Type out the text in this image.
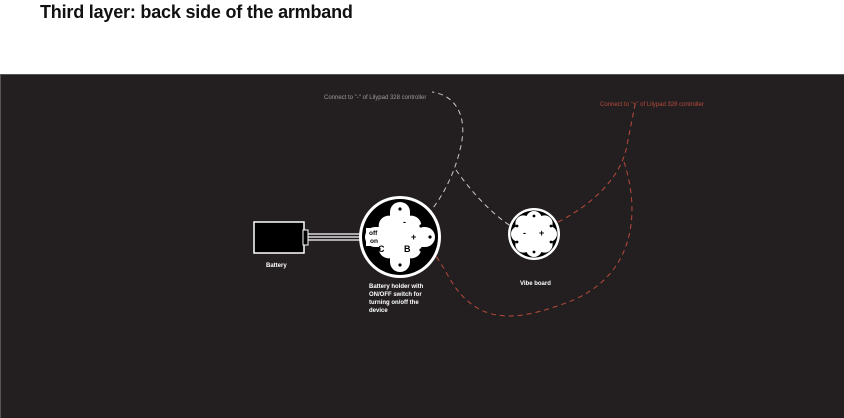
Third layer: back side of the armband
Battery
off
on
C B
-
+
Battery holder with
ON/OFF switch for
turning on/off the
device
- +
Vibe board
Connect to "-" of Lilypad 328 controller
Connect to "+" of Lilypad 328 controller
